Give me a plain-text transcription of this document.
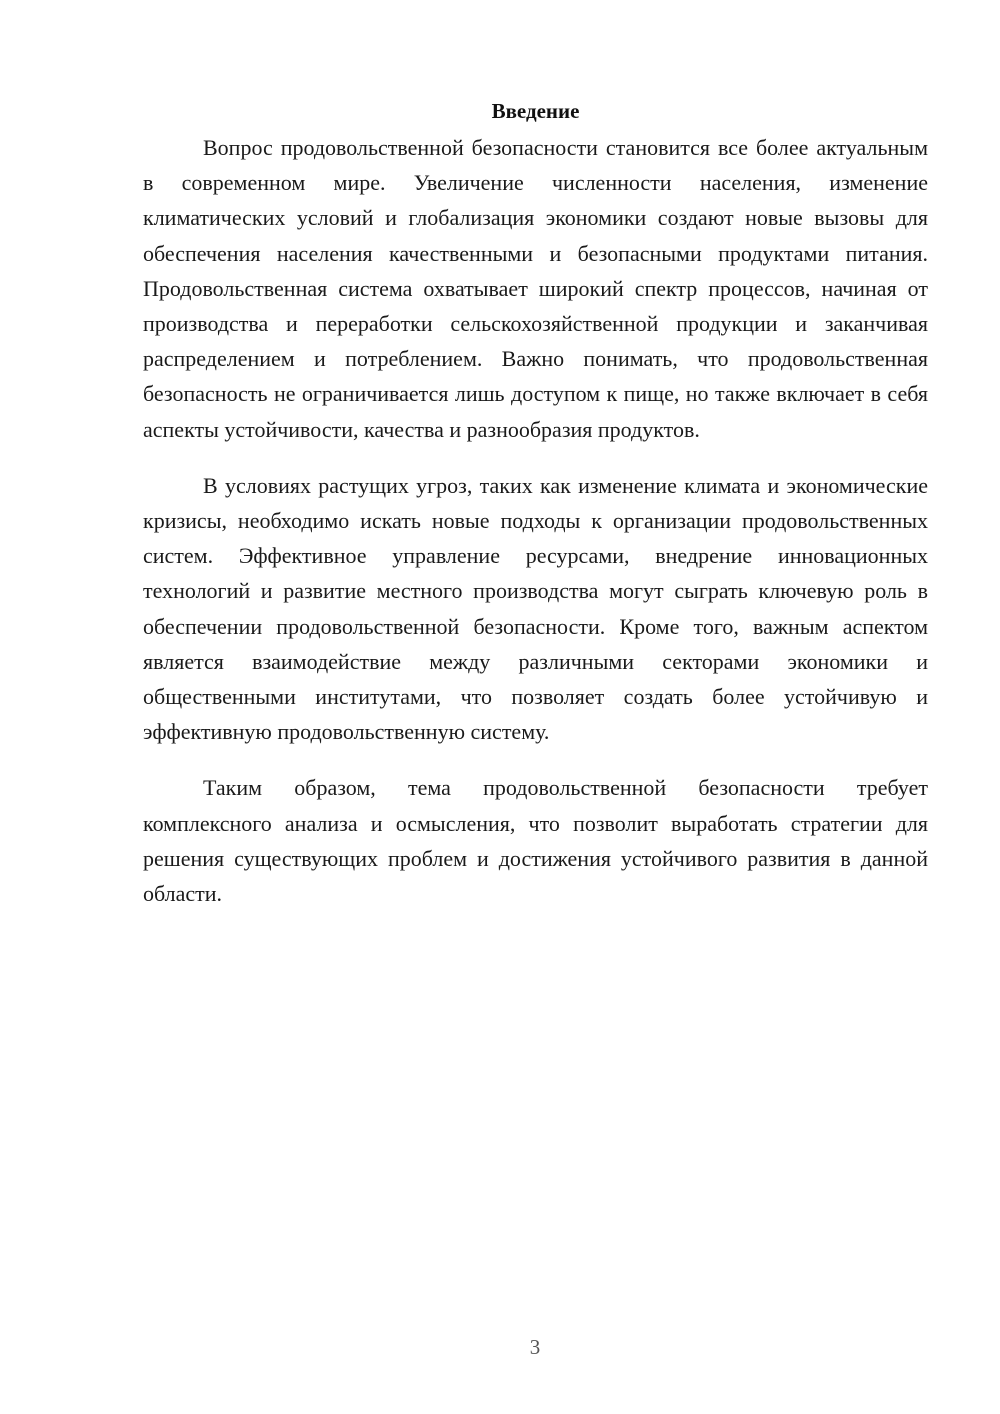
Введение

Вопрос продовольственной безопасности становится все более актуальным в современном мире. Увеличение численности населения, изменение климатических условий и глобализация экономики создают новые вызовы для обеспечения населения качественными и безопасными продуктами питания. Продовольственная система охватывает широкий спектр процессов, начиная от производства и переработки сельскохозяйственной продукции и заканчивая распределением и потреблением. Важно понимать, что продовольственная безопасность не ограничивается лишь доступом к пище, но также включает в себя аспекты устойчивости, качества и разнообразия продуктов.

В условиях растущих угроз, таких как изменение климата и экономические кризисы, необходимо искать новые подходы к организации продовольственных систем. Эффективное управление ресурсами, внедрение инновационных технологий и развитие местного производства могут сыграть ключевую роль в обеспечении продовольственной безопасности. Кроме того, важным аспектом является взаимодействие между различными секторами экономики и общественными институтами, что позволяет создать более устойчивую и эффективную продовольственную систему.

Таким образом, тема продовольственной безопасности требует комплексного анализа и осмысления, что позволит выработать стратегии для решения существующих проблем и достижения устойчивого развития в данной области.

3
